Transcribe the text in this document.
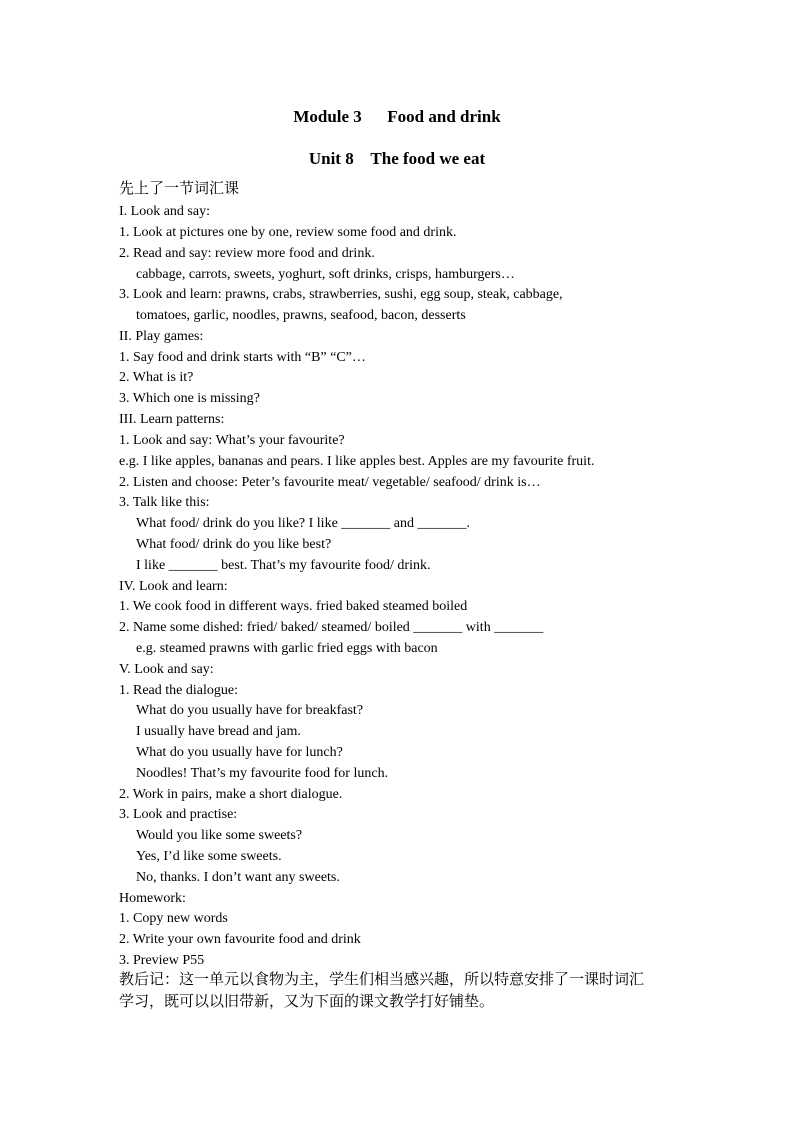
Module 3      Food and drink
Unit 8    The food we eat
先上了一节词汇课
I. Look and say:
1. Look at pictures one by one, review some food and drink.
2. Read and say: review more food and drink.
cabbage, carrots, sweets, yoghurt, soft drinks, crisps, hamburgers…
3. Look and learn: prawns, crabs, strawberries, sushi, egg soup, steak, cabbage,
tomatoes, garlic, noodles, prawns, seafood, bacon, desserts
II. Play games:
1. Say food and drink starts with “B” “C”…
2. What is it?
3. Which one is missing?
III. Learn patterns:
1. Look and say: What’s your favourite?
e.g. I like apples, bananas and pears. I like apples best. Apples are my favourite fruit.
2. Listen and choose: Peter’s favourite meat/ vegetable/ seafood/ drink is…
3. Talk like this:
What food/ drink do you like? I like _______ and _______.
What food/ drink do you like best?
I like _______ best. That’s my favourite food/ drink.
IV. Look and learn:
1. We cook food in different ways. fried baked steamed boiled
2. Name some dished: fried/ baked/ steamed/ boiled _______ with _______
e.g. steamed prawns with garlic fried eggs with bacon
V. Look and say:
1. Read the dialogue:
What do you usually have for breakfast?
I usually have bread and jam.
What do you usually have for lunch?
Noodles! That’s my favourite food for lunch.
2. Work in pairs, make a short dialogue.
3. Look and practise:
Would you like some sweets?
Yes, I’d like some sweets.
No, thanks. I don’t want any sweets.
Homework:
1. Copy new words
2. Write your own favourite food and drink
3. Preview P55
教后记：这一单元以食物为主，学生们相当感兴趣，所以特意安排了一课时词汇
学习，既可以以旧带新，又为下面的课文教学打好铺垫。
